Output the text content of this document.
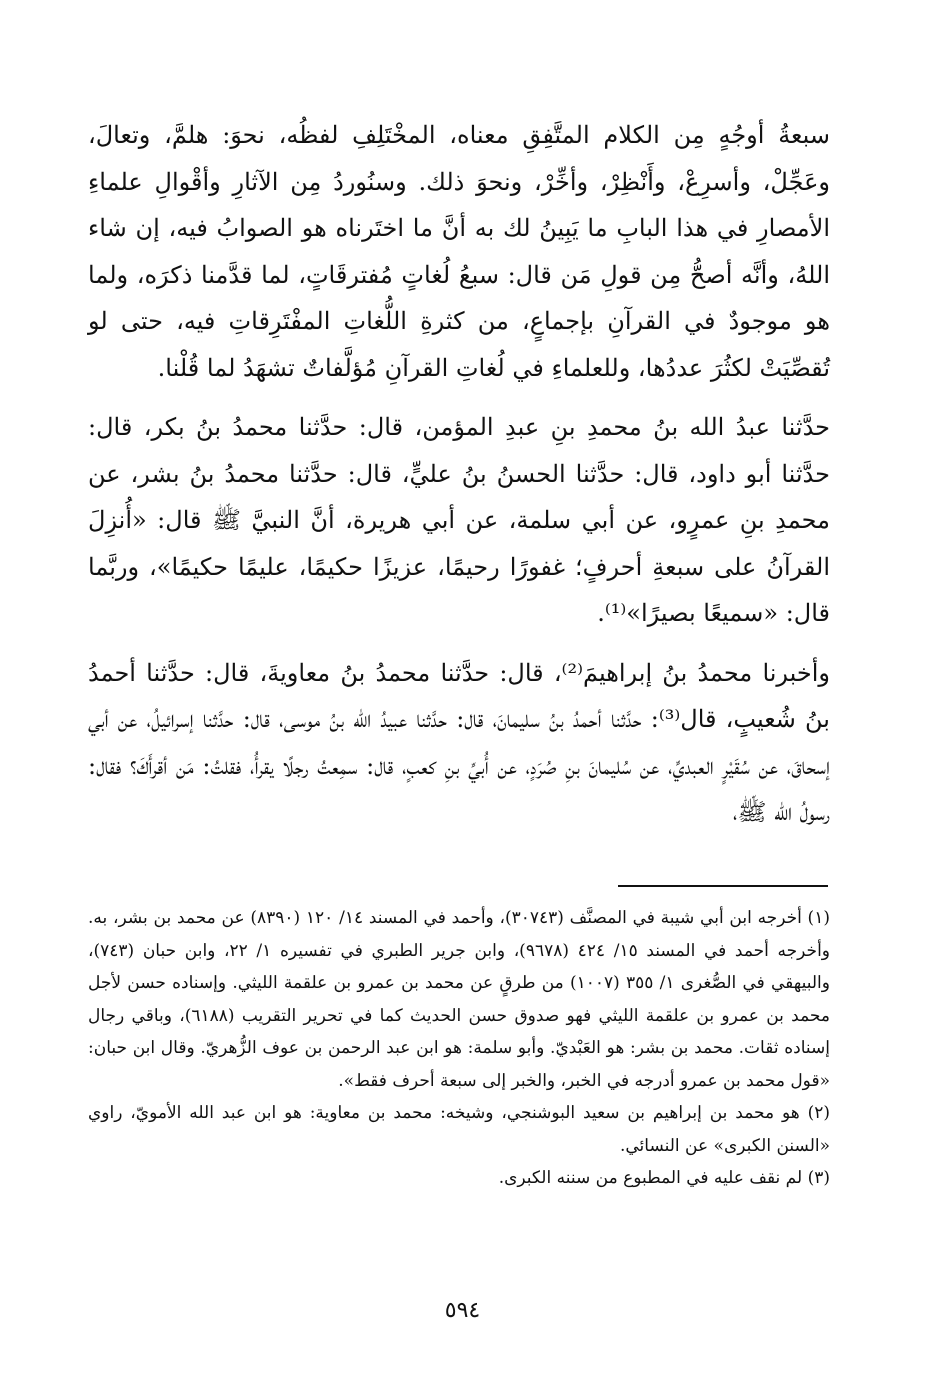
سبعةُ أوجُهٍ مِن الكلام المتَّفِقِ معناه، المخْتَلِفِ لفظُه، نحوَ: هلمَّ، وتعالَ، وعَجِّلْ، وأسرِعْ، وأَنْظِرْ، وأخِّرْ، ونحوَ ذلك. وسنُوردُ مِن الآثارِ وأقْوالِ علماءِ الأمصارِ في هذا البابِ ما يَبِينُ لك به أنَّ ما اختَرناه هو الصوابُ فيه، إن شاء اللهُ، وأنَّه أصحُّ مِن قولِ مَن قال: سبعُ لُغاتٍ مُفترقَاتٍ، لما قدَّمنا ذكرَه، ولما هو موجودٌ في القرآنِ بإجماعٍ، من كثرةِ اللُّغاتِ المفْتَرِقاتِ فيه، حتى لو تُقصِّيَتْ لكثُرَ عددُها، وللعلماءِ في لُغاتِ القرآنِ مُؤلَّفاتٌ تشهَدُ لما قُلْنا.

حدَّثنا عبدُ الله بنُ محمدِ بنِ عبدِ المؤمن، قال: حدَّثنا محمدُ بنُ بكر، قال: حدَّثنا أبو داود، قال: حدَّثنا الحسنُ بنُ عليٍّ، قال: حدَّثنا محمدُ بنُ بشر، عن محمدِ بنِ عمرٍو، عن أبي سلمة، عن أبي هريرة، أنَّ النبيَّ ﷺ قال: «أُنزِلَ القرآنُ على سبعةِ أحرفٍ؛ غفورًا رحيمًا، عزيزًا حكيمًا، عليمًا حكيمًا»، وربَّما قال: «سميعًا بصيرًا»⁽¹⁾.

وأخبرنا محمدُ بنُ إبراهيمَ⁽²⁾، قال: حدَّثنا محمدُ بنُ معاويةَ، قال: حدَّثنا أحمدُ بنُ شُعيبٍ، قال⁽³⁾: حدَّثنا أحمدُ بنُ سليمانَ، قال: حدَّثنا عبيدُ الله بنُ موسى، قال: حدَّثنا إسرائيلُ، عن أبي إسحاقَ، عن سُقَيْرٍ العبديِّ، عن سُليمانَ بنِ صُرَدٍ، عن أُبيِّ بنِ كعبٍ، قال: سمِعتُ رجلًا يقرأُ، فقلتُ: مَن أقرأَكَ؟ فقال: رسولُ الله ﷺ،

(١) أخرجه ابن أبي شيبة في المصنَّف (٣٠٧٤٣)، وأحمد في المسند ١٤/ ١٢٠ (٨٣٩٠) عن محمد بن بشر، به. وأخرجه أحمد في المسند ١٥/ ٤٢٤ (٩٦٧٨)، وابن جرير الطبري في تفسيره ١/ ٢٢، وابن حبان (٧٤٣)، والبيهقي في الصُّغرى ١/ ٣٥٥ (١٠٠٧) من طرقٍ عن محمد بن عمرو بن علقمة الليثي. وإسناده حسن لأجل محمد بن عمرو بن علقمة الليثي فهو صدوق حسن الحديث كما في تحرير التقريب (٦١٨٨)، وباقي رجال إسناده ثقات. محمد بن بشر: هو العَبْديّ. وأبو سلمة: هو ابن عبد الرحمن بن عوف الزُّهريّ. وقال ابن حبان: «قول محمد بن عمرو أدرجه في الخبر، والخبر إلى سبعة أحرف فقط».

(٢) هو محمد بن إبراهيم بن سعيد البوشنجي، وشيخه: محمد بن معاوية: هو ابن عبد الله الأمويّ، راوي «السنن الكبرى» عن النسائي.

(٣) لم نقف عليه في المطبوع من سننه الكبرى.

٥٩٤
